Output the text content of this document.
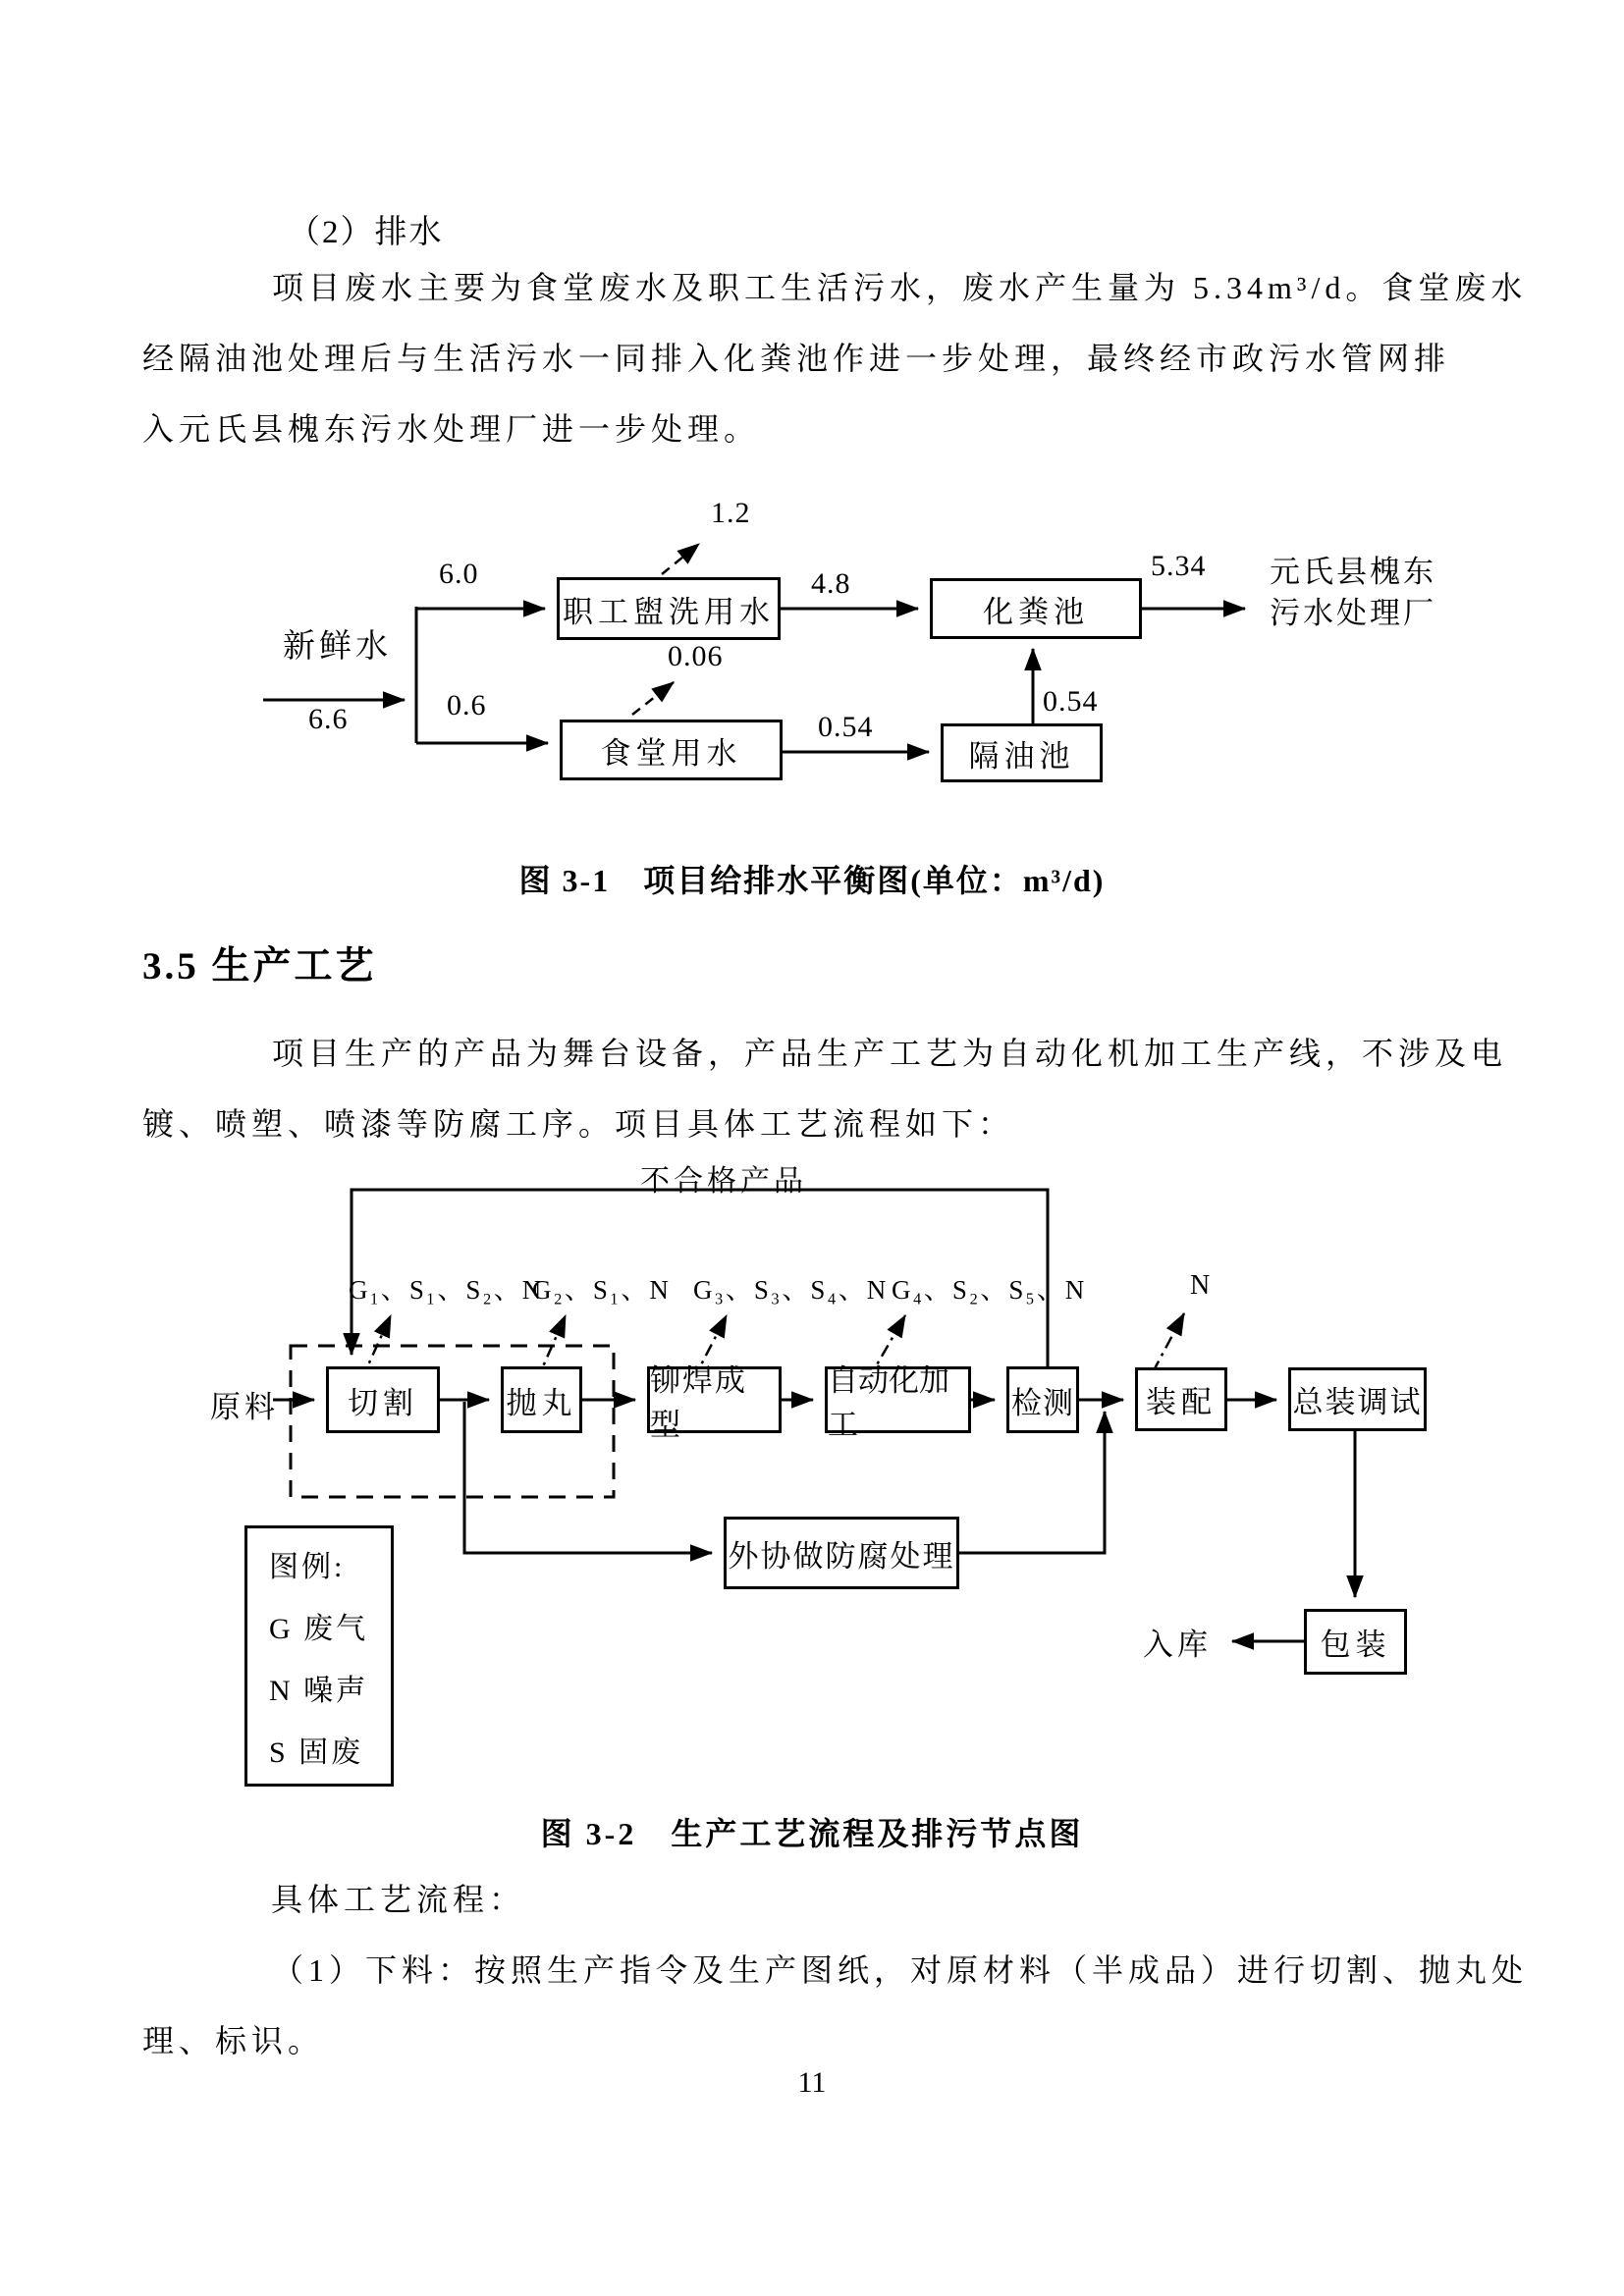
（2）排水
项目废水主要为食堂废水及职工生活污水，废水产生量为 5.34m³/d。食堂废水
经隔油池处理后与生活污水一同排入化粪池作进一步处理，最终经市政污水管网排
入元氏县槐东污水处理厂进一步处理。
图 3-1　项目给排水平衡图(单位：m³/d)
3.5 生产工艺
项目生产的产品为舞台设备，产品生产工艺为自动化机加工生产线，不涉及电
镀、喷塑、喷漆等防腐工序。项目具体工艺流程如下：
图 3-2　生产工艺流程及排污节点图
具体工艺流程：
（1）下料：按照生产指令及生产图纸，对原材料（半成品）进行切割、抛丸处
理、标识。
11
新鲜水
6.6
6.0
0.6
1.2
0.06
4.8
0.54
0.54
5.34
职工盥洗用水
食堂用水
化粪池
隔油池
元氏县槐东
污水处理厂
不合格产品
原料
G₁、S₁、S₂、N
G₂、S₁、N G₃、S₃、S₄、N G₄、S₂、S₅、N	N
切割	抛丸
铆焊成型
自动化加工
检测	装配	总装调试
外协做防腐处理
包装
入库
图例:
G 废气
N 噪声
S 固废
